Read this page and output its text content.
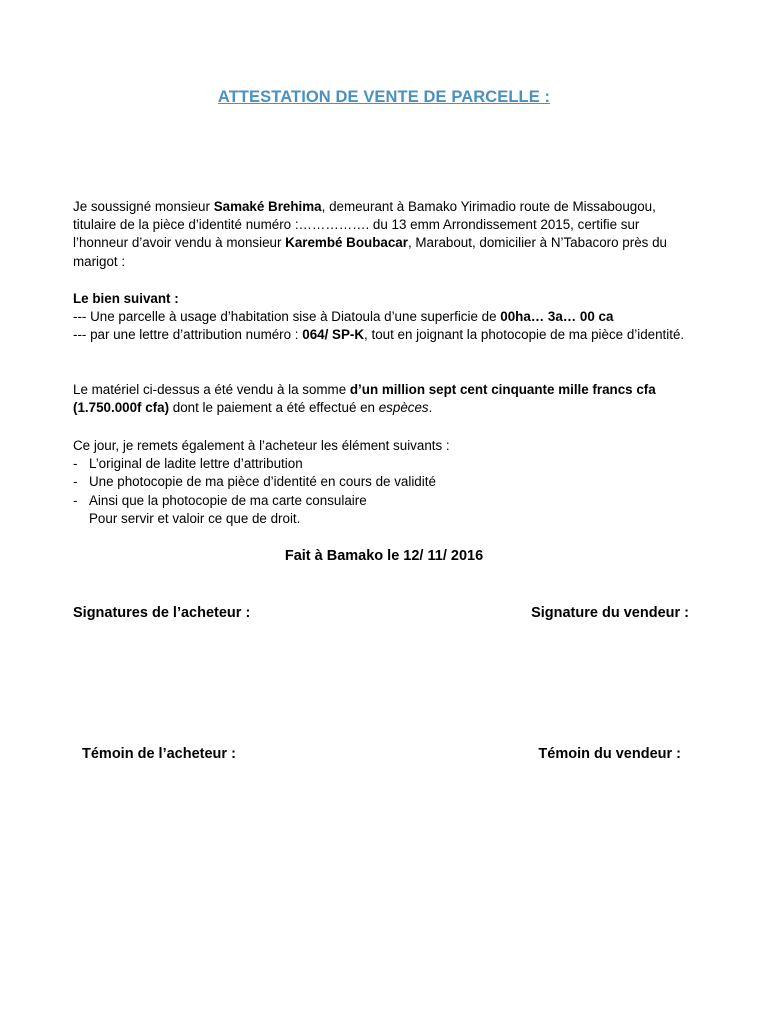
ATTESTATION DE VENTE DE PARCELLE :

Je soussigné monsieur Samaké Brehima, demeurant à Bamako Yirimadio route de Missabougou, titulaire de la pièce d’identité numéro :……………. du 13 emm Arrondissement 2015, certifie sur l’honneur d’avoir vendu à monsieur Karembé Boubacar, Marabout, domicilier à N’Tabacoro près du marigot :

Le bien suivant :

--- Une parcelle à usage d’habitation sise à Diatoula d’une superficie de 00ha… 3a… 00 ca

--- par une lettre d’attribution numéro : 064/ SP-K, tout en joignant la photocopie de ma pièce d’identité.

Le matériel ci-dessus a été vendu à la somme d’un million sept cent cinquante mille francs cfa (1.750.000f cfa) dont le paiement a été effectué en espèces.

Ce jour, je remets également à l’acheteur les élément suivants :

- L’original de ladite lettre d’attribution
- Une photocopie de ma pièce d’identité en cours de validité
- Ainsi que la photocopie de ma carte consulaire

Pour servir et valoir ce que de droit.

Fait à Bamako le 12/ 11/ 2016
Signatures de l’acheteur :	Signature du vendeur :
Témoin de l’acheteur :	Témoin du vendeur :
